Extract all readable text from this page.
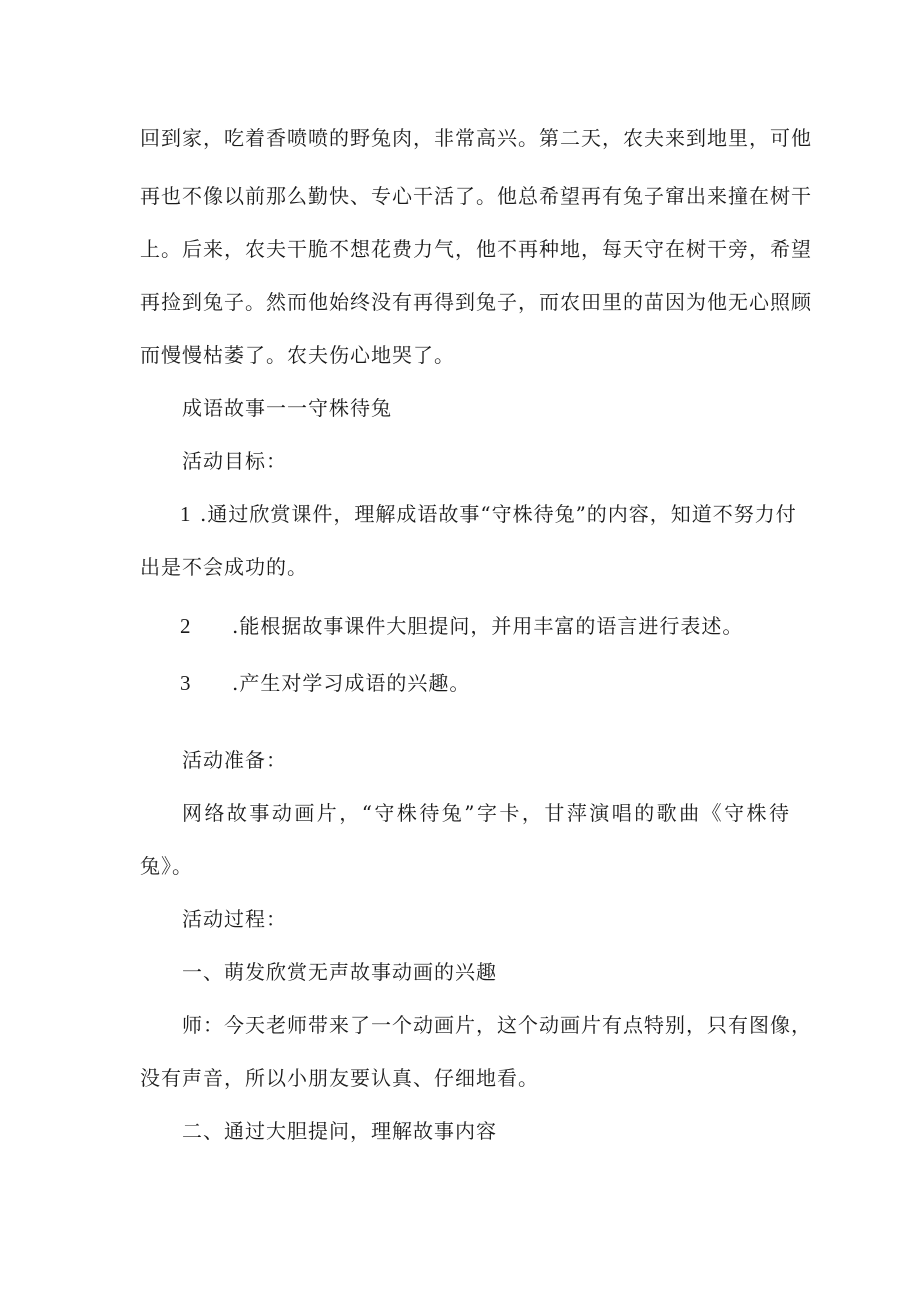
回到家，吃着香喷喷的野兔肉，非常高兴。第二天，农夫来到地里，可他
再也不像以前那么勤快、专心干活了。他总希望再有兔子窜出来撞在树干
上。后来，农夫干脆不想花费力气，他不再种地，每天守在树干旁，希望
再捡到兔子。然而他始终没有再得到兔子，而农田里的苗因为他无心照顾
而慢慢枯萎了。农夫伤心地哭了。
成语故事一一守株待兔
活动目标：
1 .通过欣赏课件，理解成语故事“守株待兔”的内容，知道不努力付
出是不会成功的。
2 .能根据故事课件大胆提问，并用丰富的语言进行表述。
3 .产生对学习成语的兴趣。
活动准备：
网络故事动画片，“守株待兔”字卡，甘萍演唱的歌曲《守株待
兔》。
活动过程：
一、萌发欣赏无声故事动画的兴趣
师：今天老师带来了一个动画片，这个动画片有点特别，只有图像，
没有声音，所以小朋友要认真、仔细地看。
二、通过大胆提问，理解故事内容
